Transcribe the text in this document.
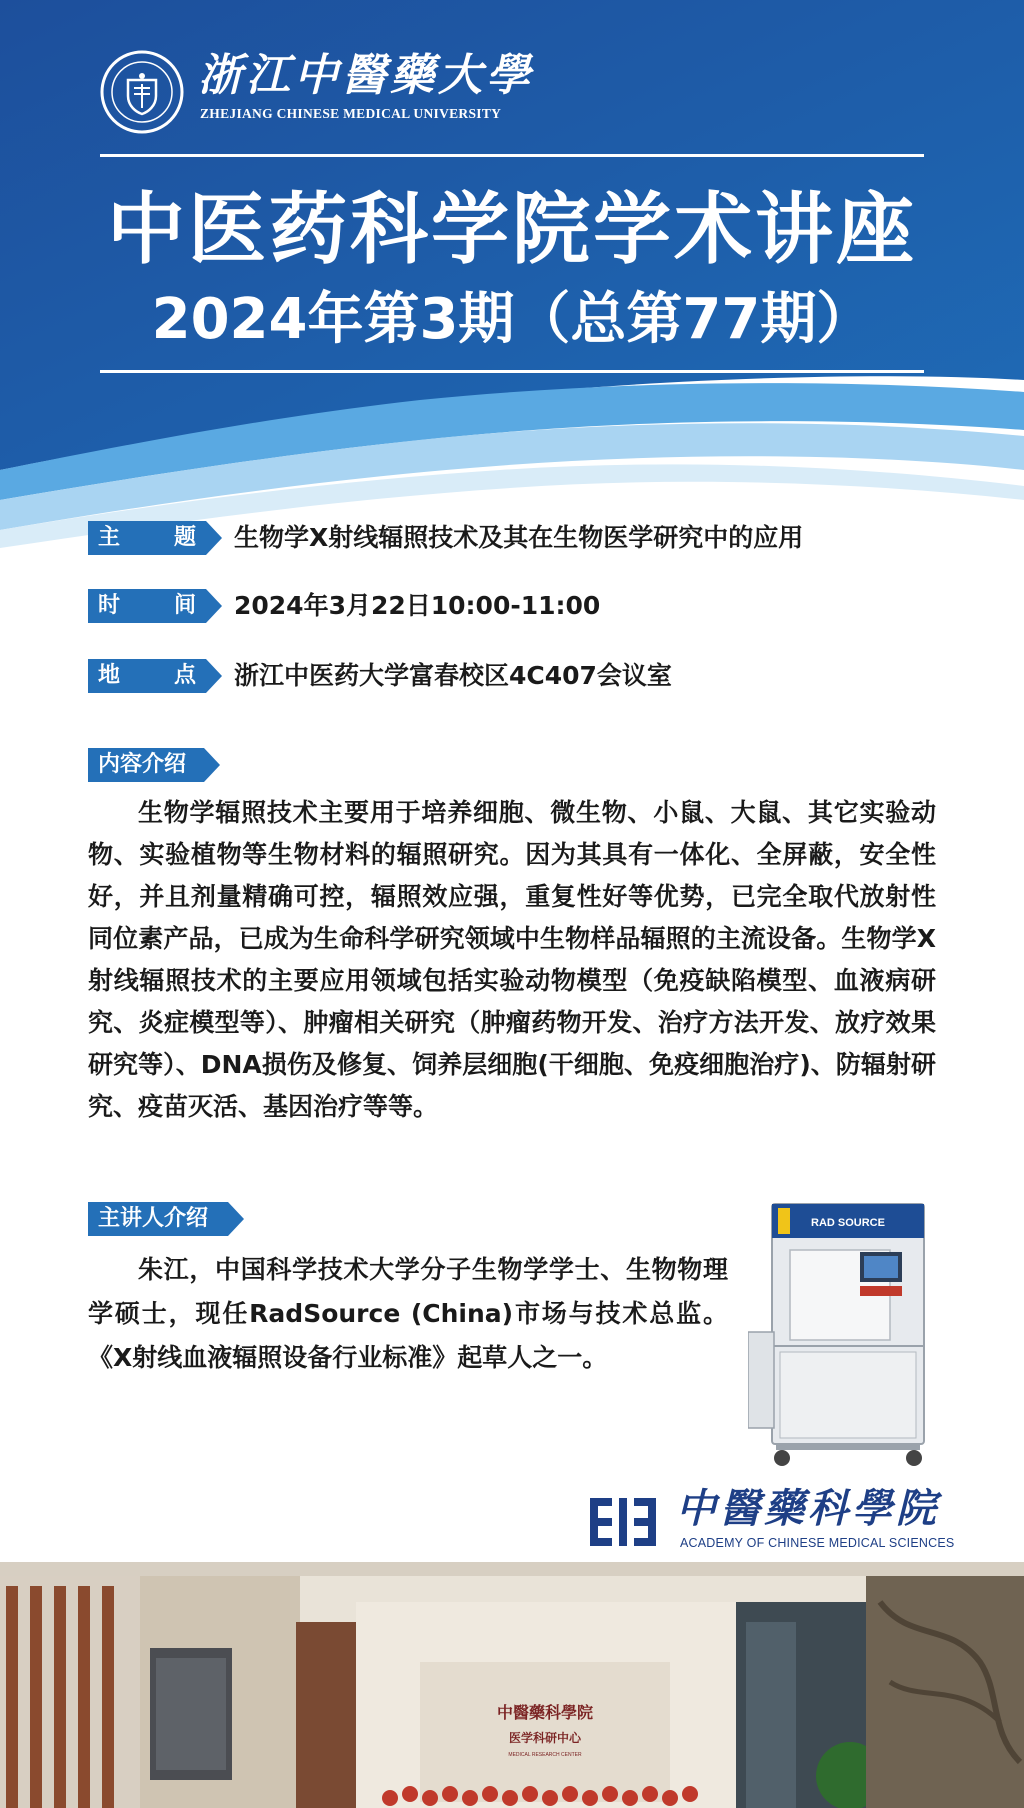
浙江中醫藥大學
ZHEJIANG CHINESE MEDICAL UNIVERSITY
中医药科学院学术讲座
2024年第3期（总第77期）
主 题 生物学X射线辐照技术及其在生物医学研究中的应用
时 间 2024年3月22日10:00-11:00
地 点 浙江中医药大学富春校区4C407会议室
内容介绍
生物学辐照技术主要用于培养细胞、微生物、小鼠、大鼠、其它实验动物、实验植物等生物材料的辐照研究。因为其具有一体化、全屏蔽，安全性好，并且剂量精确可控，辐照效应强，重复性好等优势，已完全取代放射性同位素产品，已成为生命科学研究领域中生物样品辐照的主流设备。生物学X射线辐照技术的主要应用领域包括实验动物模型（免疫缺陷模型、血液病研究、炎症模型等）、肿瘤相关研究（肿瘤药物开发、治疗方法开发、放疗效果研究等）、DNA损伤及修复、饲养层细胞(干细胞、免疫细胞治疗)、防辐射研究、疫苗灭活、基因治疗等等。
主讲人介绍
朱江，中国科学技术大学分子生物学学士、生物物理学硕士，现任RadSource (China)市场与技术总监。《X射线血液辐照设备行业标准》起草人之一。
RAD SOURCE
中醫藥科學院
ACADEMY OF CHINESE MEDICAL SCIENCES
中醫藥科學院
医学科研中心
MEDICAL RESEARCH CENTER
